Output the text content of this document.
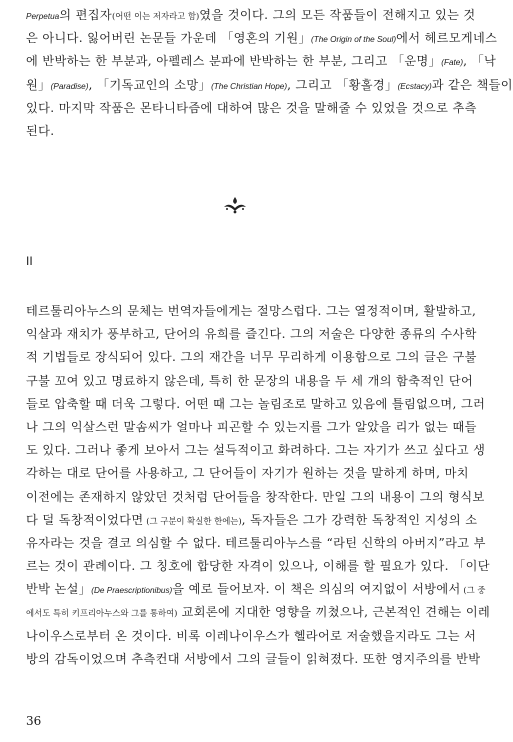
Perpetua의 편집자(어떤 이는 저자라고 함)였을 것이다. 그의 모든 작품들이 전해지고 있는 것
은 아니다. 잃어버린 논문들 가운데 「영혼의 기원」(The Origin of the Soul)에서 헤르모게네스
에 반박하는 한 부분과, 아펠레스 분파에 반박하는 한 부분, 그리고 「운명」(Fate), 「낙
원」(Paradise), 「기독교인의 소망」(The Christian Hope), 그리고 「황홀경」(Ecstacy)과 같은 책들이
있다. 마지막 작품은 몬타니타즘에 대하여 많은 것을 말해줄 수 있었을 것으로 추측
된다.
II
테르툴리아누스의 문체는 번역자들에게는 절망스럽다. 그는 열정적이며, 활발하고,
익살과 재치가 풍부하고, 단어의 유희를 즐긴다. 그의 저술은 다양한 종류의 수사학
적 기법들로 장식되어 있다. 그의 재간을 너무 무리하게 이용함으로 그의 글은 구불
구불 꼬여 있고 명료하지 않은데, 특히 한 문장의 내용을 두 세 개의 함축적인 단어
들로 압축할 때 더욱 그렇다. 어떤 때 그는 놀림조로 말하고 있음에 틀림없으며, 그러
나 그의 익살스런 말솜씨가 얼마나 피곤할 수 있는지를 그가 알았을 리가 없는 때들
도 있다. 그러나 좋게 보아서 그는 설득적이고 화려하다. 그는 자기가 쓰고 싶다고 생
각하는 대로 단어를 사용하고, 그 단어들이 자기가 원하는 것을 말하게 하며, 마치
이전에는 존재하지 않았던 것처럼 단어들을 창작한다. 만일 그의 내용이 그의 형식보
다 덜 독창적이었다면 (그 구분이 확실한 한에는), 독자들은 그가 강력한 독창적인 지성의 소
유자라는 것을 결코 의심할 수 없다. 테르툴리아누스를 “라틴 신학의 아버지”라고 부
르는 것이 관례이다. 그 칭호에 합당한 자격이 있으나, 이해를 할 필요가 있다. 「이단
반박 논설」(De Praescriptionibus)을 예로 들어보자. 이 책은 의심의 여지없이 서방에서 (그 중
에서도 특히 키프리아누스와 그를 통하여) 교회론에 지대한 영향을 끼쳤으나, 근본적인 견해는 이레
나이우스로부터 온 것이다. 비록 이레나이우스가 헬라어로 저술했을지라도 그는 서
방의 감독이었으며 추측컨대 서방에서 그의 글들이 읽혀졌다. 또한 영지주의를 반박
36
